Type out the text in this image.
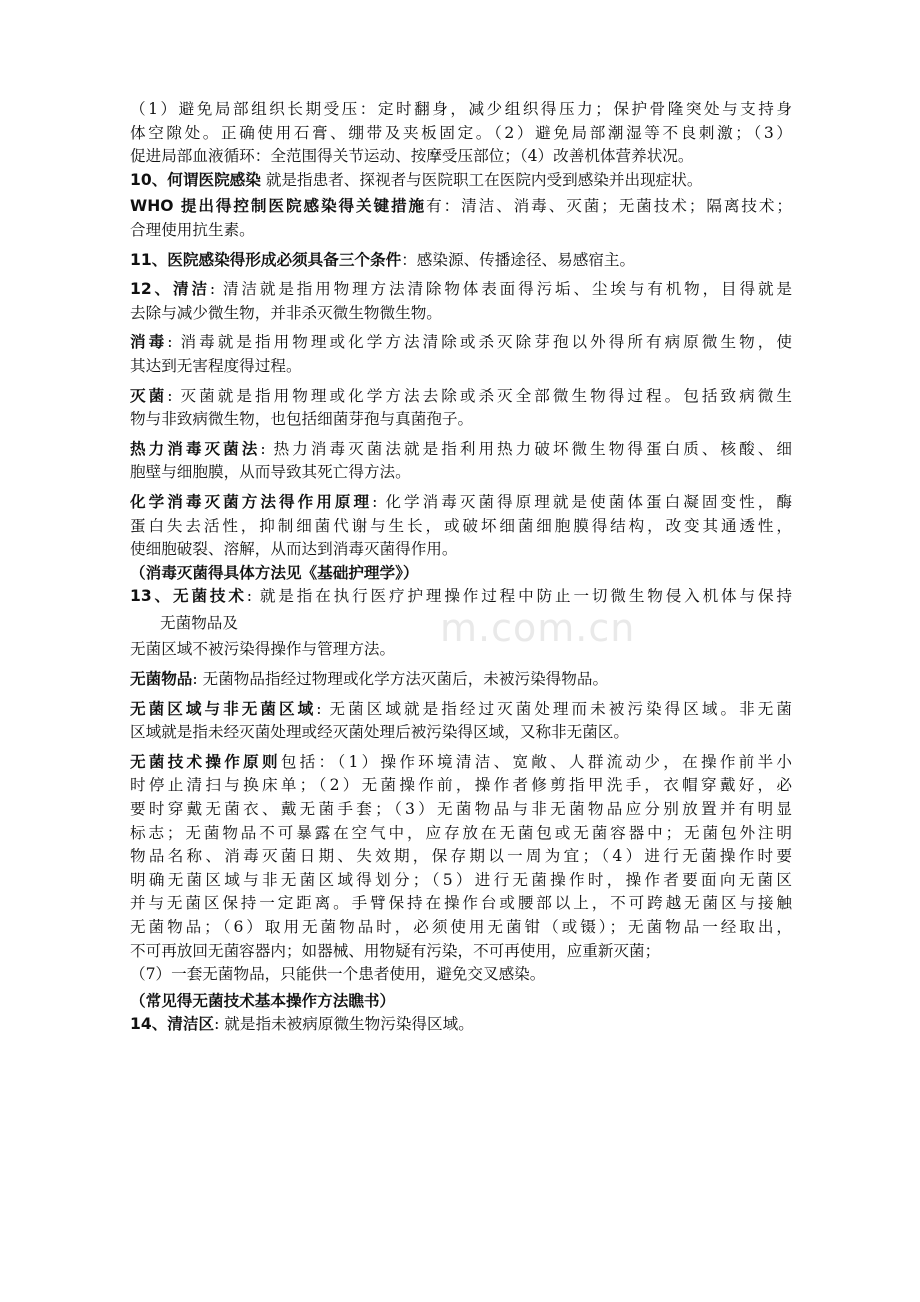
m.com.cn
（1）避免局部组织长期受压：定时翻身，减少组织得压力；保护骨隆突处与支持身
体空隙处。正确使用石膏、绷带及夹板固定。（2）避免局部潮湿等不良刺激；（3）
促进局部血液循环：全范围得关节运动、按摩受压部位；（4）改善机体营养状况。
10、何谓医院感染 就是指患者、探视者与医院职工在医院内受到感染并出现症状。
WHO 提出得控制医院感染得关键措施有：清洁、消毒、灭菌；无菌技术；隔离技术；
合理使用抗生素。
11、医院感染得形成必须具备三个条件：感染源、传播途径、易感宿主。
12、清洁: 清洁就是指用物理方法清除物体表面得污垢、尘埃与有机物，目得就是
去除与减少微生物，并非杀灭微生物微生物。
消毒: 消毒就是指用物理或化学方法清除或杀灭除芽孢以外得所有病原微生物，使
其达到无害程度得过程。
灭菌: 灭菌就是指用物理或化学方法去除或杀灭全部微生物得过程。包括致病微生
物与非致病微生物，也包括细菌芽孢与真菌孢子。
热力消毒灭菌法: 热力消毒灭菌法就是指利用热力破坏微生物得蛋白质、核酸、细
胞壁与细胞膜，从而导致其死亡得方法。
化学消毒灭菌方法得作用原理: 化学消毒灭菌得原理就是使菌体蛋白凝固变性，酶
蛋白失去活性，抑制细菌代谢与生长，或破坏细菌细胞膜得结构，改变其通透性，
使细胞破裂、溶解，从而达到消毒灭菌得作用。
（消毒灭菌得具体方法见《基础护理学》）
13、无菌技术: 就是指在执行医疗护理操作过程中防止一切微生物侵入机体与保持
无菌物品及
无菌区域不被污染得操作与管理方法。
无菌物品: 无菌物品指经过物理或化学方法灭菌后，未被污染得物品。
无菌区域与非无菌区域: 无菌区域就是指经过灭菌处理而未被污染得区域。非无菌
区域就是指未经灭菌处理或经灭菌处理后被污染得区域，又称非无菌区。
无菌技术操作原则包括：（1）操作环境清洁、宽敞、人群流动少，在操作前半小
时停止清扫与换床单；（2）无菌操作前，操作者修剪指甲洗手，衣帽穿戴好，必
要时穿戴无菌衣、戴无菌手套；（3）无菌物品与非无菌物品应分别放置并有明显
标志；无菌物品不可暴露在空气中，应存放在无菌包或无菌容器中；无菌包外注明
物品名称、消毒灭菌日期、失效期，保存期以一周为宜；（4）进行无菌操作时要
明确无菌区域与非无菌区域得划分；（5）进行无菌操作时，操作者要面向无菌区
并与无菌区保持一定距离。手臂保持在操作台或腰部以上，不可跨越无菌区与接触
无菌物品；（6）取用无菌物品时，必须使用无菌钳（或镊）；无菌物品一经取出，
不可再放回无菌容器内；如器械、用物疑有污染，不可再使用，应重新灭菌；
（7）一套无菌物品，只能供一个患者使用，避免交叉感染。
（常见得无菌技术基本操作方法瞧书）
14、清洁区: 就是指未被病原微生物污染得区域。
